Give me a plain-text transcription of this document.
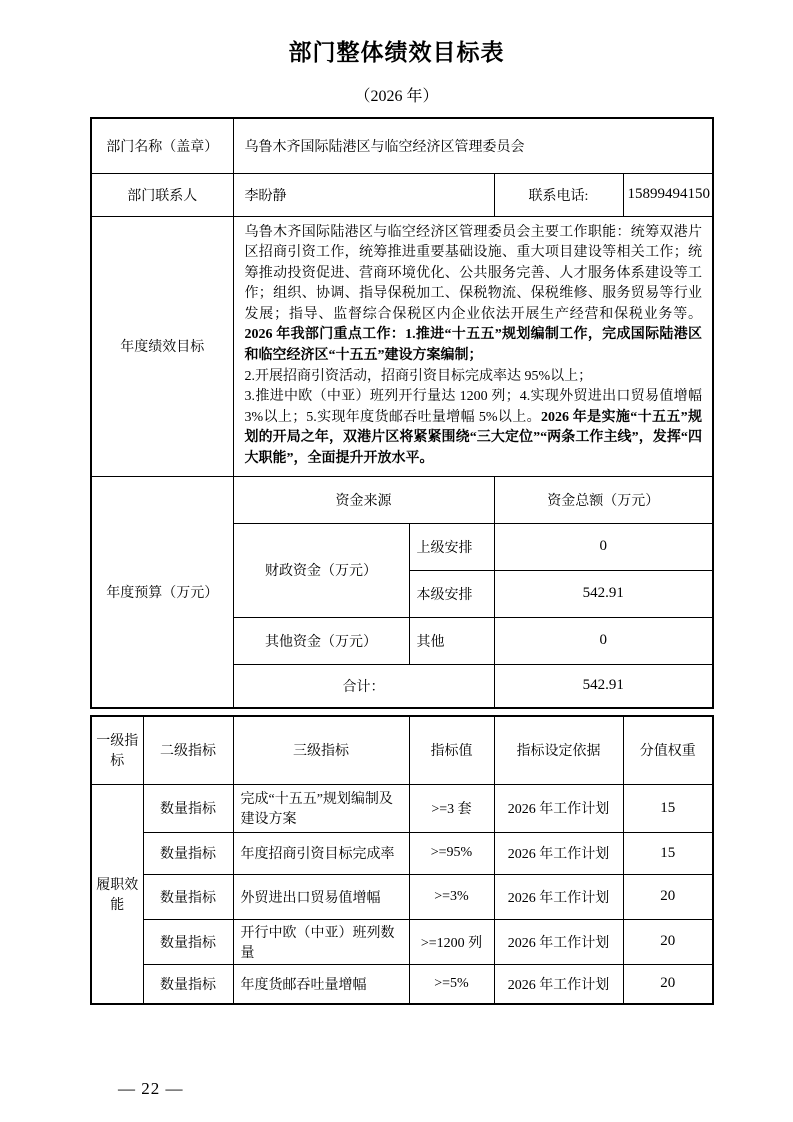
部门整体绩效目标表
（2026 年）
部门名称（盖章）	乌鲁木齐国际陆港区与临空经济区管理委员会			
部门联系人	李盼静		联系电话:	15899494150
年度绩效目标	乌鲁木齐国际陆港区与临空经济区管理委员会主要工作职能：统筹双港片区招商引资工作，统筹推进重要基础设施、重大项目建设等相关工作；统筹推动投资促进、营商环境优化、公共服务完善、人才服务体系建设等工作；组织、协调、指导保税加工、保税物流、保税维修、服务贸易等行业发展；指导、监督综合保税区内企业依法开展生产经营和保税业务等。2026 年我部门重点工作：1.推进“十五五”规划编制工作，完成国际陆港区和临空经济区“十五五”建设方案编制；
2.开展招商引资活动，招商引资目标完成率达 95%以上；
3.推进中欧（中亚）班列开行量达 1200 列；4.实现外贸进出口贸易值增幅 3%以上；5.实现年度货邮吞吐量增幅 5%以上。2026 年是实施“十五五”规划的开局之年，双港片区将紧紧围绕“三大定位”“两条工作主线”，发挥“四大职能”，全面提升开放水平。			

年度预算（万元）	资金来源		资金总额（万元）	
	财政资金（万元）	上级安排	0	
		本级安排	542.91	
	其他资金（万元）	其他	0	
	合计：		542.91	
一级指标	二级指标	三级指标	指标值	指标设定依据	分值权重
履职效能	数量指标	完成“十五五”规划编制及建设方案	>=3 套	2026 年工作计划	15
	数量指标	年度招商引资目标完成率	>=95%	2026 年工作计划	15
	数量指标	外贸进出口贸易值增幅	>=3%	2026 年工作计划	20
	数量指标	开行中欧（中亚）班列数量	>=1200 列	2026 年工作计划	20
	数量指标	年度货邮吞吐量增幅	>=5%	2026 年工作计划	20
— 22 —
